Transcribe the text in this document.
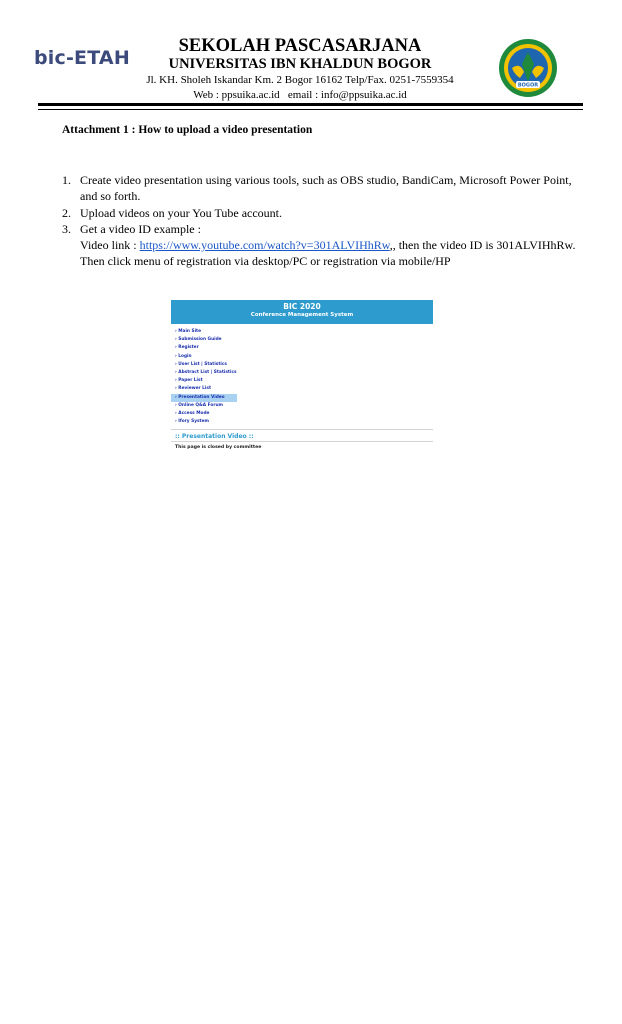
bic-ETAH
SEKOLAH PASCASARJANA
UNIVERSITAS IBN KHALDUN BOGOR
Jl. KH. Sholeh Iskandar Km. 2 Bogor 16162 Telp/Fax. 0251-7559354
Web : ppsuika.ac.id   email : info@ppsuika.ac.id
BOGOR
Attachment 1 : How to upload a video presentation
1. Create video presentation using various tools, such as OBS studio, BandiCam, Microsoft Power Point, and so forth.
2. Upload videos on your You Tube account.
3. Get a video ID example :
Video link : https://www.youtube.com/watch?v=301ALVIHhRw,, then the video ID is 301ALVIHhRw.
Then click menu of registration via desktop/PC or registration via mobile/HP
BIC 2020
Conference Management System
› Main Site
› Submission Guide
› Register
› Login
› User List | Statistics
› Abstract List | Statistics
› Paper List
› Reviewer List
› Presentation Video
› Online Q&A Forum
› Access Mode
› Ifory System
:: Presentation Video ::
This page is closed by committee
